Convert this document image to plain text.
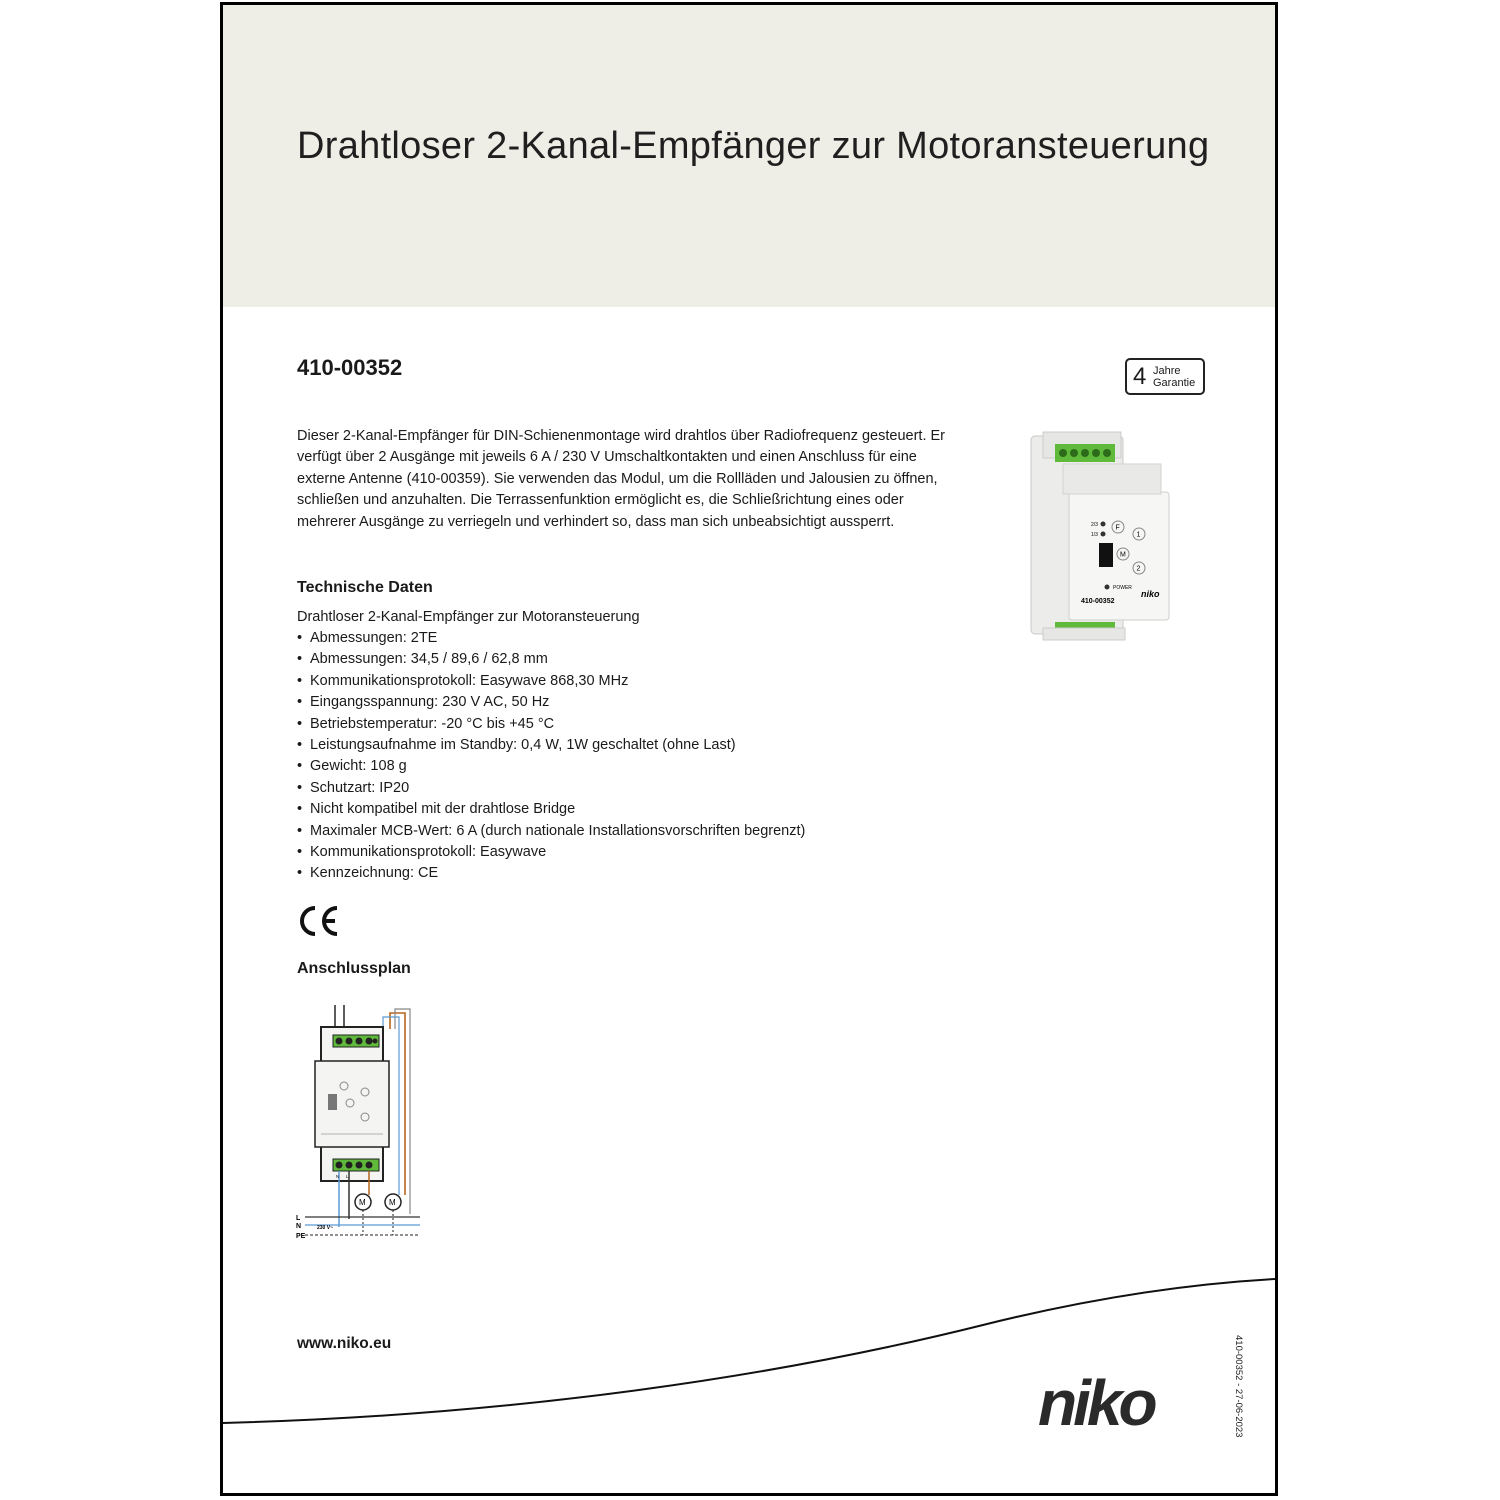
Drahtloser 2-Kanal-Empfänger zur Motoransteuerung
410-00352	4 Jahre
Garantie

Dieser 2-Kanal-Empfänger für DIN-Schienenmontage wird drahtlos über Radiofrequenz gesteuert. Er verfügt über 2 Ausgänge mit jeweils 6 A / 230 V Umschaltkontakten und einen Anschluss für eine externe Antenne (410-00359). Sie verwenden das Modul, um die Rollläden und Jalousien zu öffnen, schließen und anzuhalten. Die Terrassenfunktion ermöglicht es, die Schließrichtung eines oder mehrerer Ausgänge zu verriegeln und verhindert so, dass man sich unbeabsichtigt aussperrt.

Technische Daten
Drahtloser 2-Kanal-Empfänger zur Motoransteuerung
• Abmessungen: 2TE
• Abmessungen: 34,5 / 89,6 / 62,8 mm
• Kommunikationsprotokoll: Easywave 868,30 MHz
• Eingangsspannung: 230 V AC, 50 Hz
• Betriebstemperatur: -20 °C bis +45 °C
• Leistungsaufnahme im Standby: 0,4 W, 1W geschaltet (ohne Last)
• Gewicht: 108 g
• Schutzart: IP20
• Nicht kompatibel mit der drahtlose Bridge
• Maximaler MCB-Wert: 6 A (durch nationale Installationsvorschriften begrenzt)
• Kommunikationsprotokoll: Easywave
• Kennzeichnung: CE
Anschlussplan
L
N
PE
230 V~
M	M
N L
2/3
1/3
F
1
M
2
POWER
410-00352
niko
www.niko.eu
niko	410-00352 - 27-06-2023
